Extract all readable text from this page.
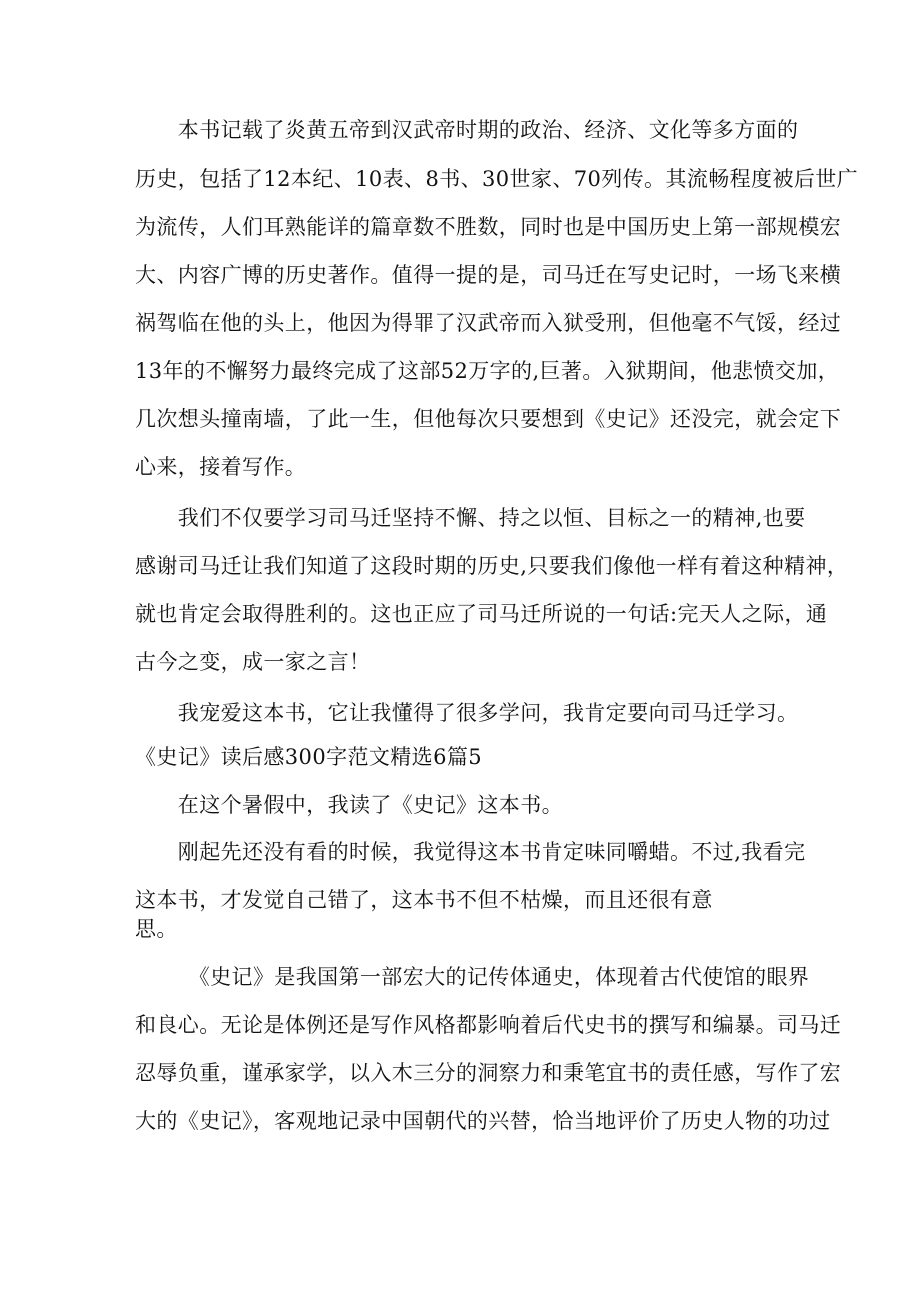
　　本书记载了炎黄五帝到汉武帝时期的政治、经济、文化等多方面的
历史，包括了12本纪、10表、8书、30世家、70列传。其流畅程度被后世广
为流传，人们耳熟能详的篇章数不胜数，同时也是中国历史上第一部规模宏
大、内容广博的历史著作。值得一提的是，司马迁在写史记时，一场飞来横
祸驾临在他的头上，他因为得罪了汉武帝而入狱受刑，但他毫不气馁，经过
13年的不懈努力最终完成了这部52万字的,巨著。入狱期间，他悲愤交加，
几次想头撞南墙，了此一生，但他每次只要想到《史记》还没完，就会定下
心来，接着写作。
　　我们不仅要学习司马迁坚持不懈、持之以恒、目标之一的精神,也要
感谢司马迁让我们知道了这段时期的历史,只要我们像他一样有着这种精神，
就也肯定会取得胜利的。这也正应了司马迁所说的一句话:完天人之际，通
古今之变，成一家之言！
　　我宠爱这本书，它让我懂得了很多学问，我肯定要向司马迁学习。
《史记》读后感300字范文精选6篇5
　　在这个暑假中，我读了《史记》这本书。
　　刚起先还没有看的时候，我觉得这本书肯定味同嚼蜡。不过,我看完
这本书，才发觉自己错了，这本书不但不枯燥，而且还很有意
思。
　　　《史记》是我国第一部宏大的记传体通史，体现着古代使馆的眼界
和良心。无论是体例还是写作风格都影响着后代史书的撰写和编暴。司马迁
忍辱负重，谨承家学，以入木三分的洞察力和秉笔宜书的责任感，写作了宏
大的《史记》，客观地记录中国朝代的兴替，恰当地评价了历史人物的功过
